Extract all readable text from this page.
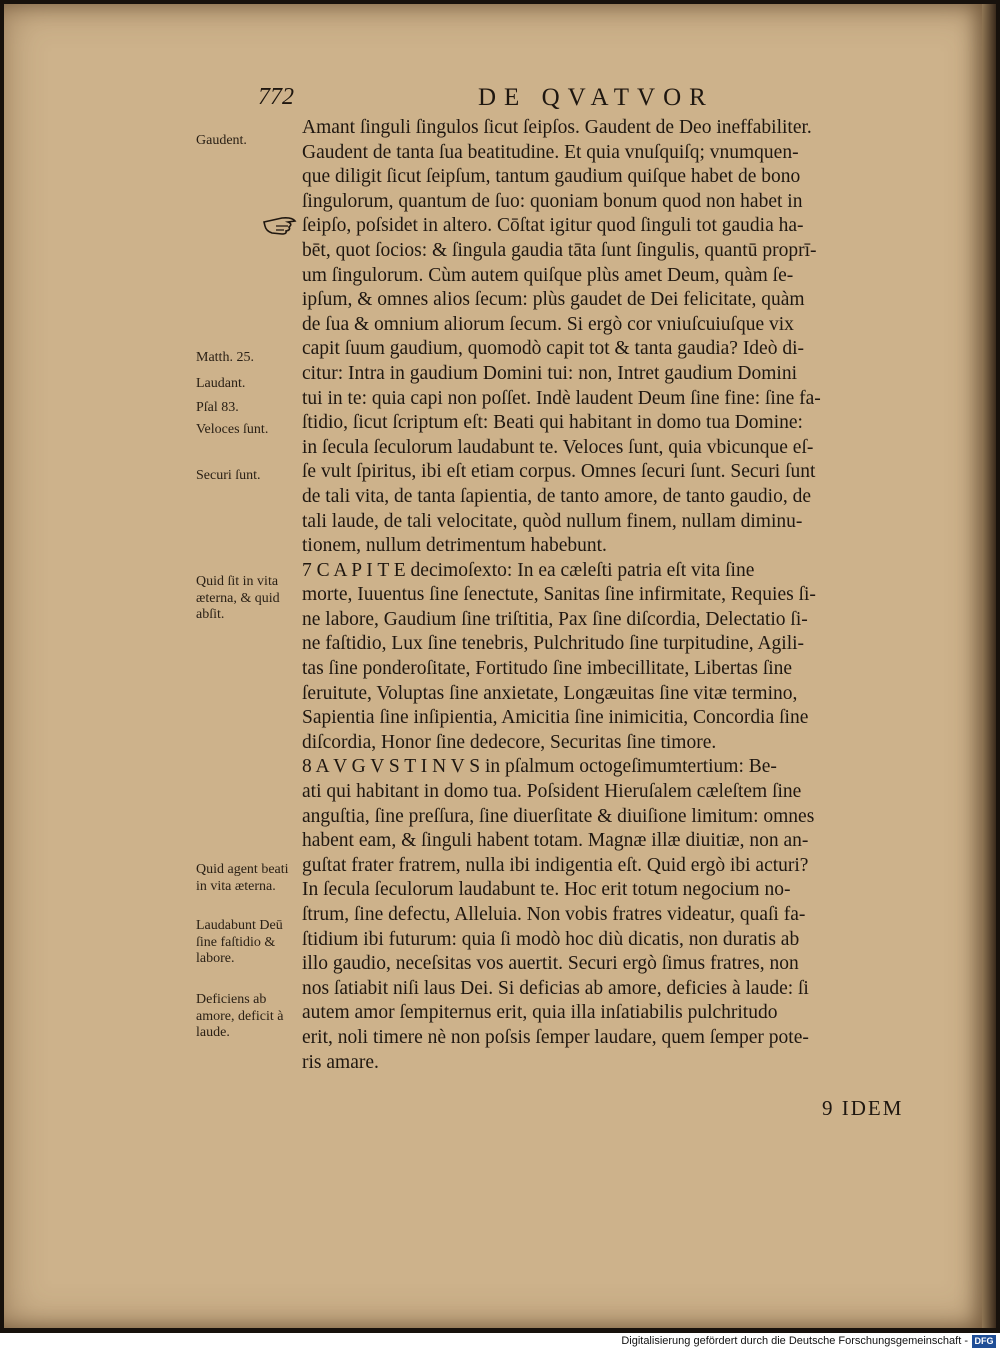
772	DE QVATVOR
Amant ſinguli ſingulos ſicut ſeipſos. Gaudent de Deo ineffabiliter.
Gaudent de tanta ſua beatitudine. Et quia vnuſquiſq; vnumquen-
que diligit ſicut ſeipſum, tantum gaudium quiſque habet de bono
ſingulorum, quantum de ſuo: quoniam bonum quod non habet in
ſeipſo, poſsidet in altero. Cōſtat igitur quod ſinguli tot gaudia ha-
bēt, quot ſocios: & ſingula gaudia tāta ſunt ſingulis, quantū proprī-
um ſingulorum. Cùm autem quiſque plùs amet Deum, quàm ſe-
ipſum, & omnes alios ſecum: plùs gaudet de Dei felicitate, quàm
de ſua & omnium aliorum ſecum. Si ergò cor vniuſcuiuſque vix
capit ſuum gaudium, quomodò capit tot & tanta gaudia? Ideò di-
citur: Intra in gaudium Domini tui: non, Intret gaudium Domini
tui in te: quia capi non poſſet. Indè laudent Deum ſine fine: ſine fa-
ſtidio, ſicut ſcriptum eſt: Beati qui habitant in domo tua Domine:
in ſecula ſeculorum laudabunt te. Veloces ſunt, quia vbicunque eſ-
ſe vult ſpiritus, ibi eſt etiam corpus. Omnes ſecuri ſunt. Securi ſunt
de tali vita, de tanta ſapientia, de tanto amore, de tanto gaudio, de
tali laude, de tali velocitate, quòd nullum finem, nullam diminu-
tionem, nullum detrimentum habebunt.
7 C A P I T E decimoſexto: In ea cæleſti patria eſt vita ſine
morte, Iuuentus ſine ſenectute, Sanitas ſine infirmitate, Requies ſi-
ne labore, Gaudium ſine triſtitia, Pax ſine diſcordia, Delectatio ſi-
ne faſtidio, Lux ſine tenebris, Pulchritudo ſine turpitudine, Agili-
tas ſine ponderoſitate, Fortitudo ſine imbecillitate, Libertas ſine
ſeruitute, Voluptas ſine anxietate, Longæuitas ſine vitæ termino,
Sapientia ſine inſipientia, Amicitia ſine inimicitia, Concordia ſine
diſcordia, Honor ſine dedecore, Securitas ſine timore.
8 A V G V S T I N V S in pſalmum octogeſimumtertium: Be-
ati qui habitant in domo tua. Poſsident Hieruſalem cæleſtem ſine
anguſtia, ſine preſſura, ſine diuerſitate & diuiſione limitum: omnes
habent eam, & ſinguli habent totam. Magnæ illæ diuitiæ, non an-
guſtat frater fratrem, nulla ibi indigentia eſt. Quid ergò ibi acturi?
In ſecula ſeculorum laudabunt te. Hoc erit totum negocium no-
ſtrum, ſine defectu, Alleluia. Non vobis fratres videatur, quaſi fa-
ſtidium ibi futurum: quia ſi modò hoc diù dicatis, non duratis ab
illo gaudio, neceſsitas vos auertit. Securi ergò ſimus fratres, non
nos ſatiabit niſi laus Dei. Si deficias ab amore, deficies à laude: ſi
autem amor ſempiternus erit, quia illa inſatiabilis pulchritudo
erit, noli timere nè non poſsis ſemper laudare, quem ſemper pote-
ris amare.
Gaudent.
Matth. 25.
Laudant.
Pſal 83.
Veloces ſunt.
Securi ſunt.
Quid ſit in vita æterna, & quid abſit.
Quid agent beati in vita æterna.
Laudabunt Deū ſine faſtidio & labore.
Deficiens ab amore, deficit à laude.
9 IDEM
Digitalisierung gefördert durch die Deutsche Forschungsgemeinschaft - DFG
